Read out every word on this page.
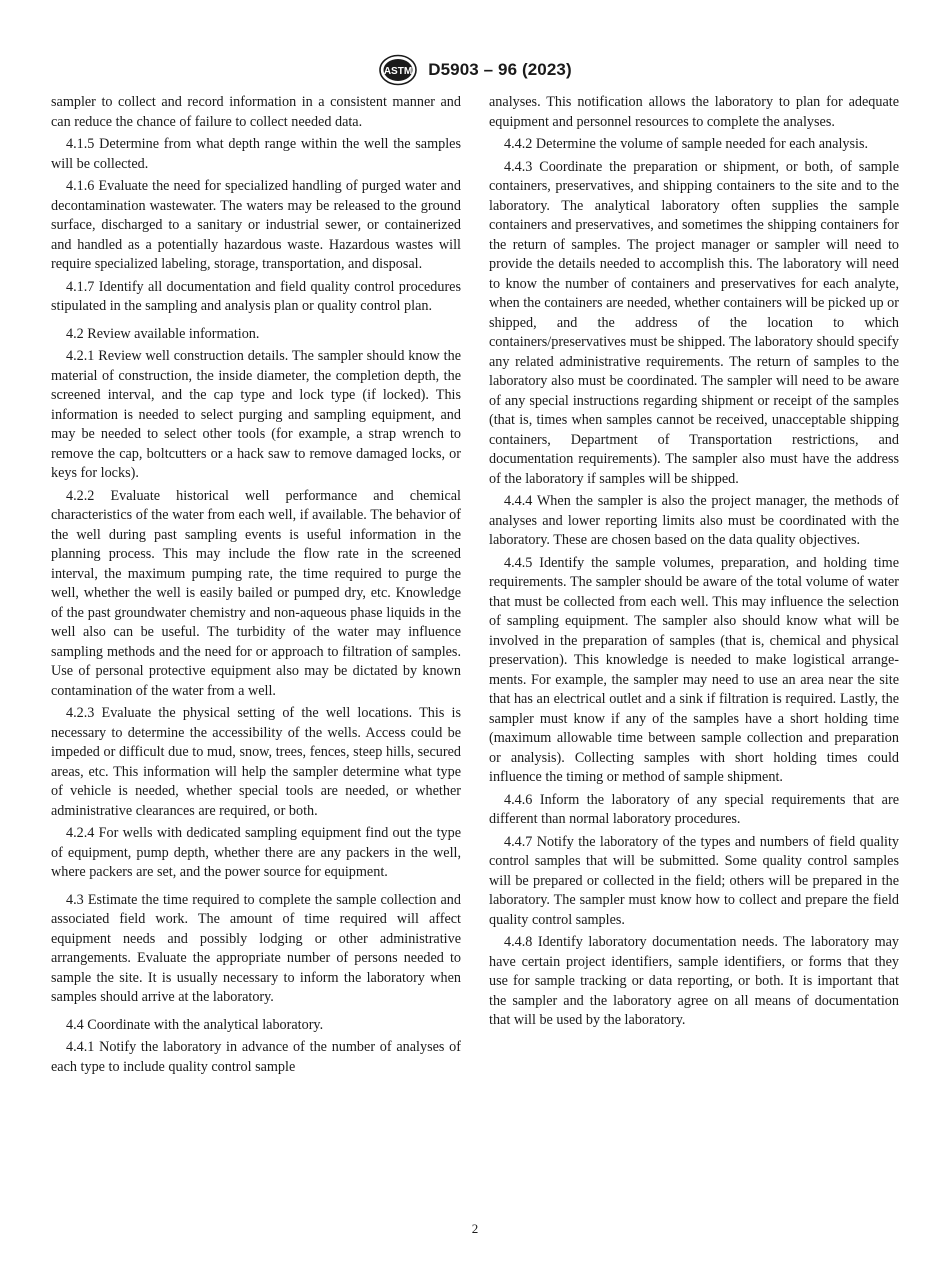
ASTM D5903 – 96 (2023)

sampler to collect and record information in a consistent manner and can reduce the chance of failure to collect needed data.

4.1.5 Determine from what depth range within the well the samples will be collected.

4.1.6 Evaluate the need for specialized handling of purged water and decontamination wastewater. The waters may be released to the ground surface, discharged to a sanitary or industrial sewer, or containerized and handled as a potentially hazardous waste. Hazardous wastes will require specialized labeling, storage, transportation, and disposal.

4.1.7 Identify all documentation and field quality control procedures stipulated in the sampling and analysis plan or quality control plan.

4.2 Review available information.

4.2.1 Review well construction details. The sampler should know the material of construction, the inside diameter, the completion depth, the screened interval, and the cap type and lock type (if locked). This information is needed to select purging and sampling equipment, and may be needed to select other tools (for example, a strap wrench to remove the cap, boltcutters or a hack saw to remove damaged locks, or keys for locks).

4.2.2 Evaluate historical well performance and chemical characteristics of the water from each well, if available. The behavior of the well during past sampling events is useful information in the planning process. This may include the flow rate in the screened interval, the maximum pumping rate, the time required to purge the well, whether the well is easily bailed or pumped dry, etc. Knowledge of the past groundwater chemistry and non-aqueous phase liquids in the well also can be useful. The turbidity of the water may influence sampling methods and the need for or approach to filtration of samples. Use of personal protective equipment also may be dictated by known contamination of the water from a well.

4.2.3 Evaluate the physical setting of the well locations. This is necessary to determine the accessibility of the wells. Access could be impeded or difficult due to mud, snow, trees, fences, steep hills, secured areas, etc. This information will help the sampler determine what type of vehicle is needed, whether special tools are needed, or whether administrative clearances are required, or both.

4.2.4 For wells with dedicated sampling equipment find out the type of equipment, pump depth, whether there are any packers in the well, where packers are set, and the power source for equipment.

4.3 Estimate the time required to complete the sample collection and associated field work. The amount of time required will affect equipment needs and possibly lodging or other administrative arrangements. Evaluate the appropriate number of persons needed to sample the site. It is usually necessary to inform the laboratory when samples should arrive at the laboratory.

4.4 Coordinate with the analytical laboratory.

4.4.1 Notify the laboratory in advance of the number of analyses of each type to include quality control sample

analyses. This notification allows the laboratory to plan for adequate equipment and personnel resources to complete the analyses.

4.4.2 Determine the volume of sample needed for each analysis.

4.4.3 Coordinate the preparation or shipment, or both, of sample containers, preservatives, and shipping containers to the site and to the laboratory. The analytical laboratory often supplies the sample containers and preservatives, and sometimes the shipping containers for the return of samples. The project manager or sampler will need to provide the details needed to accomplish this. The laboratory will need to know the number of containers and preservatives for each analyte, when the containers are needed, whether containers will be picked up or shipped, and the address of the location to which containers/preservatives must be shipped. The laboratory should specify any related administrative requirements. The return of samples to the laboratory also must be coordinated. The sampler will need to be aware of any special instructions regarding shipment or receipt of the samples (that is, times when samples cannot be received, unacceptable shipping containers, Department of Transportation restrictions, and documentation requirements). The sampler also must have the address of the laboratory if samples will be shipped.

4.4.4 When the sampler is also the project manager, the methods of analyses and lower reporting limits also must be coordinated with the laboratory. These are chosen based on the data quality objectives.

4.4.5 Identify the sample volumes, preparation, and holding time requirements. The sampler should be aware of the total volume of water that must be collected from each well. This may influence the selection of sampling equipment. The sampler also should know what will be involved in the preparation of samples (that is, chemical and physical preservation). This knowledge is needed to make logistical arrangements. For example, the sampler may need to use an area near the site that has an electrical outlet and a sink if filtration is required. Lastly, the sampler must know if any of the samples have a short holding time (maximum allowable time between sample collection and preparation or analysis). Collecting samples with short holding times could influence the timing or method of sample shipment.

4.4.6 Inform the laboratory of any special requirements that are different than normal laboratory procedures.

4.4.7 Notify the laboratory of the types and numbers of field quality control samples that will be submitted. Some quality control samples will be prepared or collected in the field; others will be prepared in the laboratory. The sampler must know how to collect and prepare the field quality control samples.

4.4.8 Identify laboratory documentation needs. The laboratory may have certain project identifiers, sample identifiers, or forms that they use for sample tracking or data reporting, or both. It is important that the sampler and the laboratory agree on all means of documentation that will be used by the laboratory.

2
